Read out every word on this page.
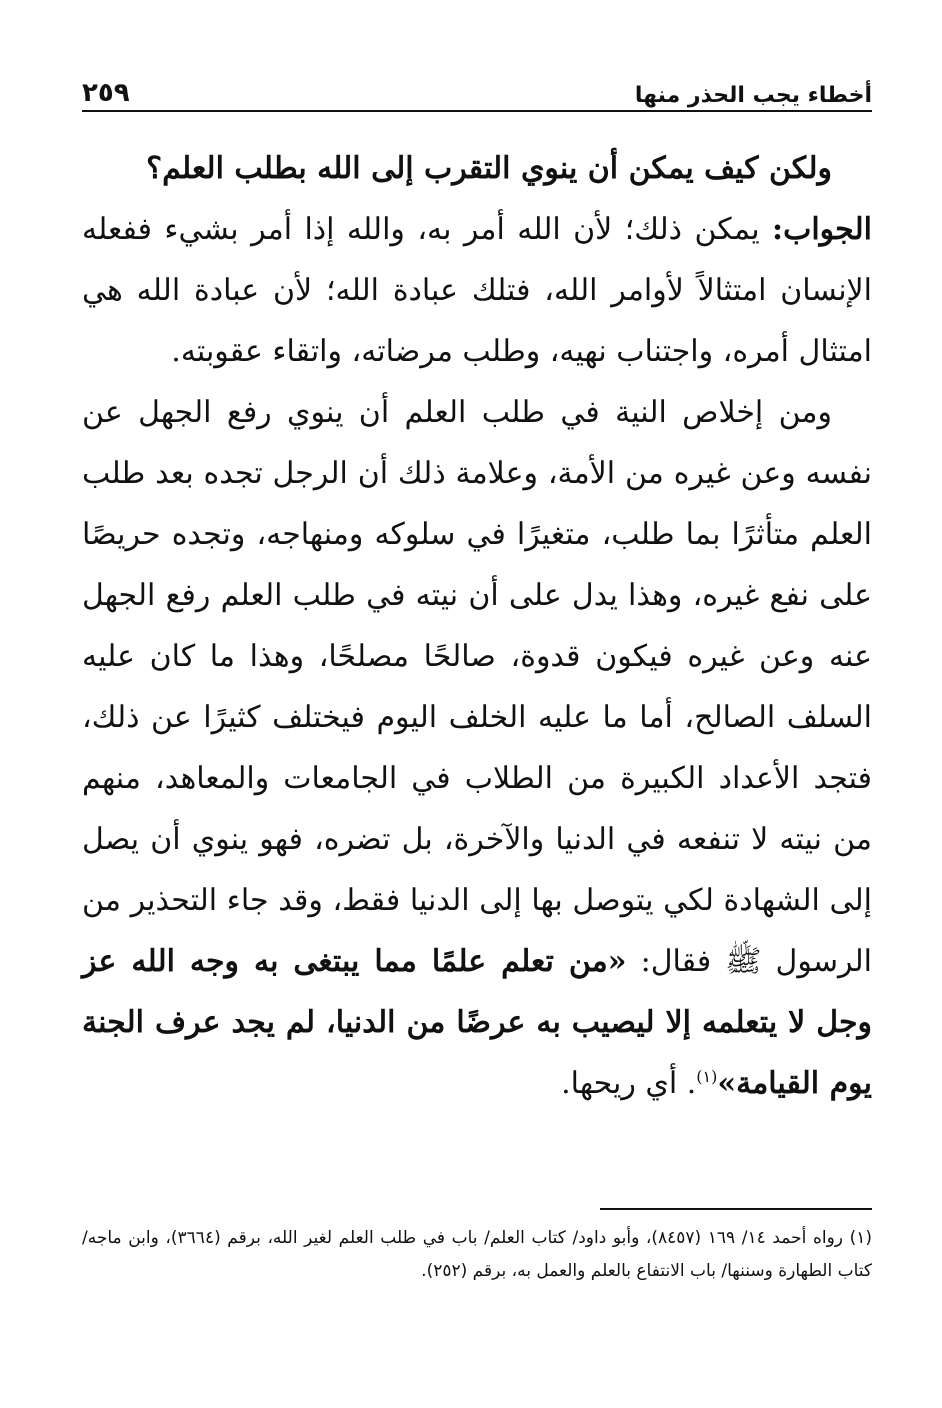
أخطاء يجب الحذر منها
٢٥٩

ولكن كيف يمكن أن ينوي التقرب إلى الله بطلب العلم؟

الجواب: يمكن ذلك؛ لأن الله أمر به، والله إذا أمر بشيء ففعله الإنسان امتثالاً لأوامر الله، فتلك عبادة الله؛ لأن عبادة الله هي امتثال أمره، واجتناب نهيه، وطلب مرضاته، واتقاء عقوبته.

ومن إخلاص النية في طلب العلم أن ينوي رفع الجهل عن نفسه وعن غيره من الأمة، وعلامة ذلك أن الرجل تجده بعد طلب العلم متأثرًا بما طلب، متغيرًا في سلوكه ومنهاجه، وتجده حريصًا على نفع غيره، وهذا يدل على أن نيته في طلب العلم رفع الجهل عنه وعن غيره فيكون قدوة، صالحًا مصلحًا، وهذا ما كان عليه السلف الصالح، أما ما عليه الخلف اليوم فيختلف كثيرًا عن ذلك، فتجد الأعداد الكبيرة من الطلاب في الجامعات والمعاهد، منهم من نيته لا تنفعه في الدنيا والآخرة، بل تضره، فهو ينوي أن يصل إلى الشهادة لكي يتوصل بها إلى الدنيا فقط، وقد جاء التحذير من الرسول ﷺ فقال: «من تعلم علمًا مما يبتغى به وجه الله عز وجل لا يتعلمه إلا ليصيب به عرضًا من الدنيا، لم يجد عرف الجنة يوم القيامة»$^{(١)}$. أي ريحها.

(١) رواه أحمد ١٤/ ١٦٩ (٨٤٥٧)، وأبو داود/ كتاب العلم/ باب في طلب العلم لغير الله، برقم (٣٦٦٤)، وابن ماجه/ كتاب الطهارة وسننها/ باب الانتفاع بالعلم والعمل به، برقم (٢٥٢).
